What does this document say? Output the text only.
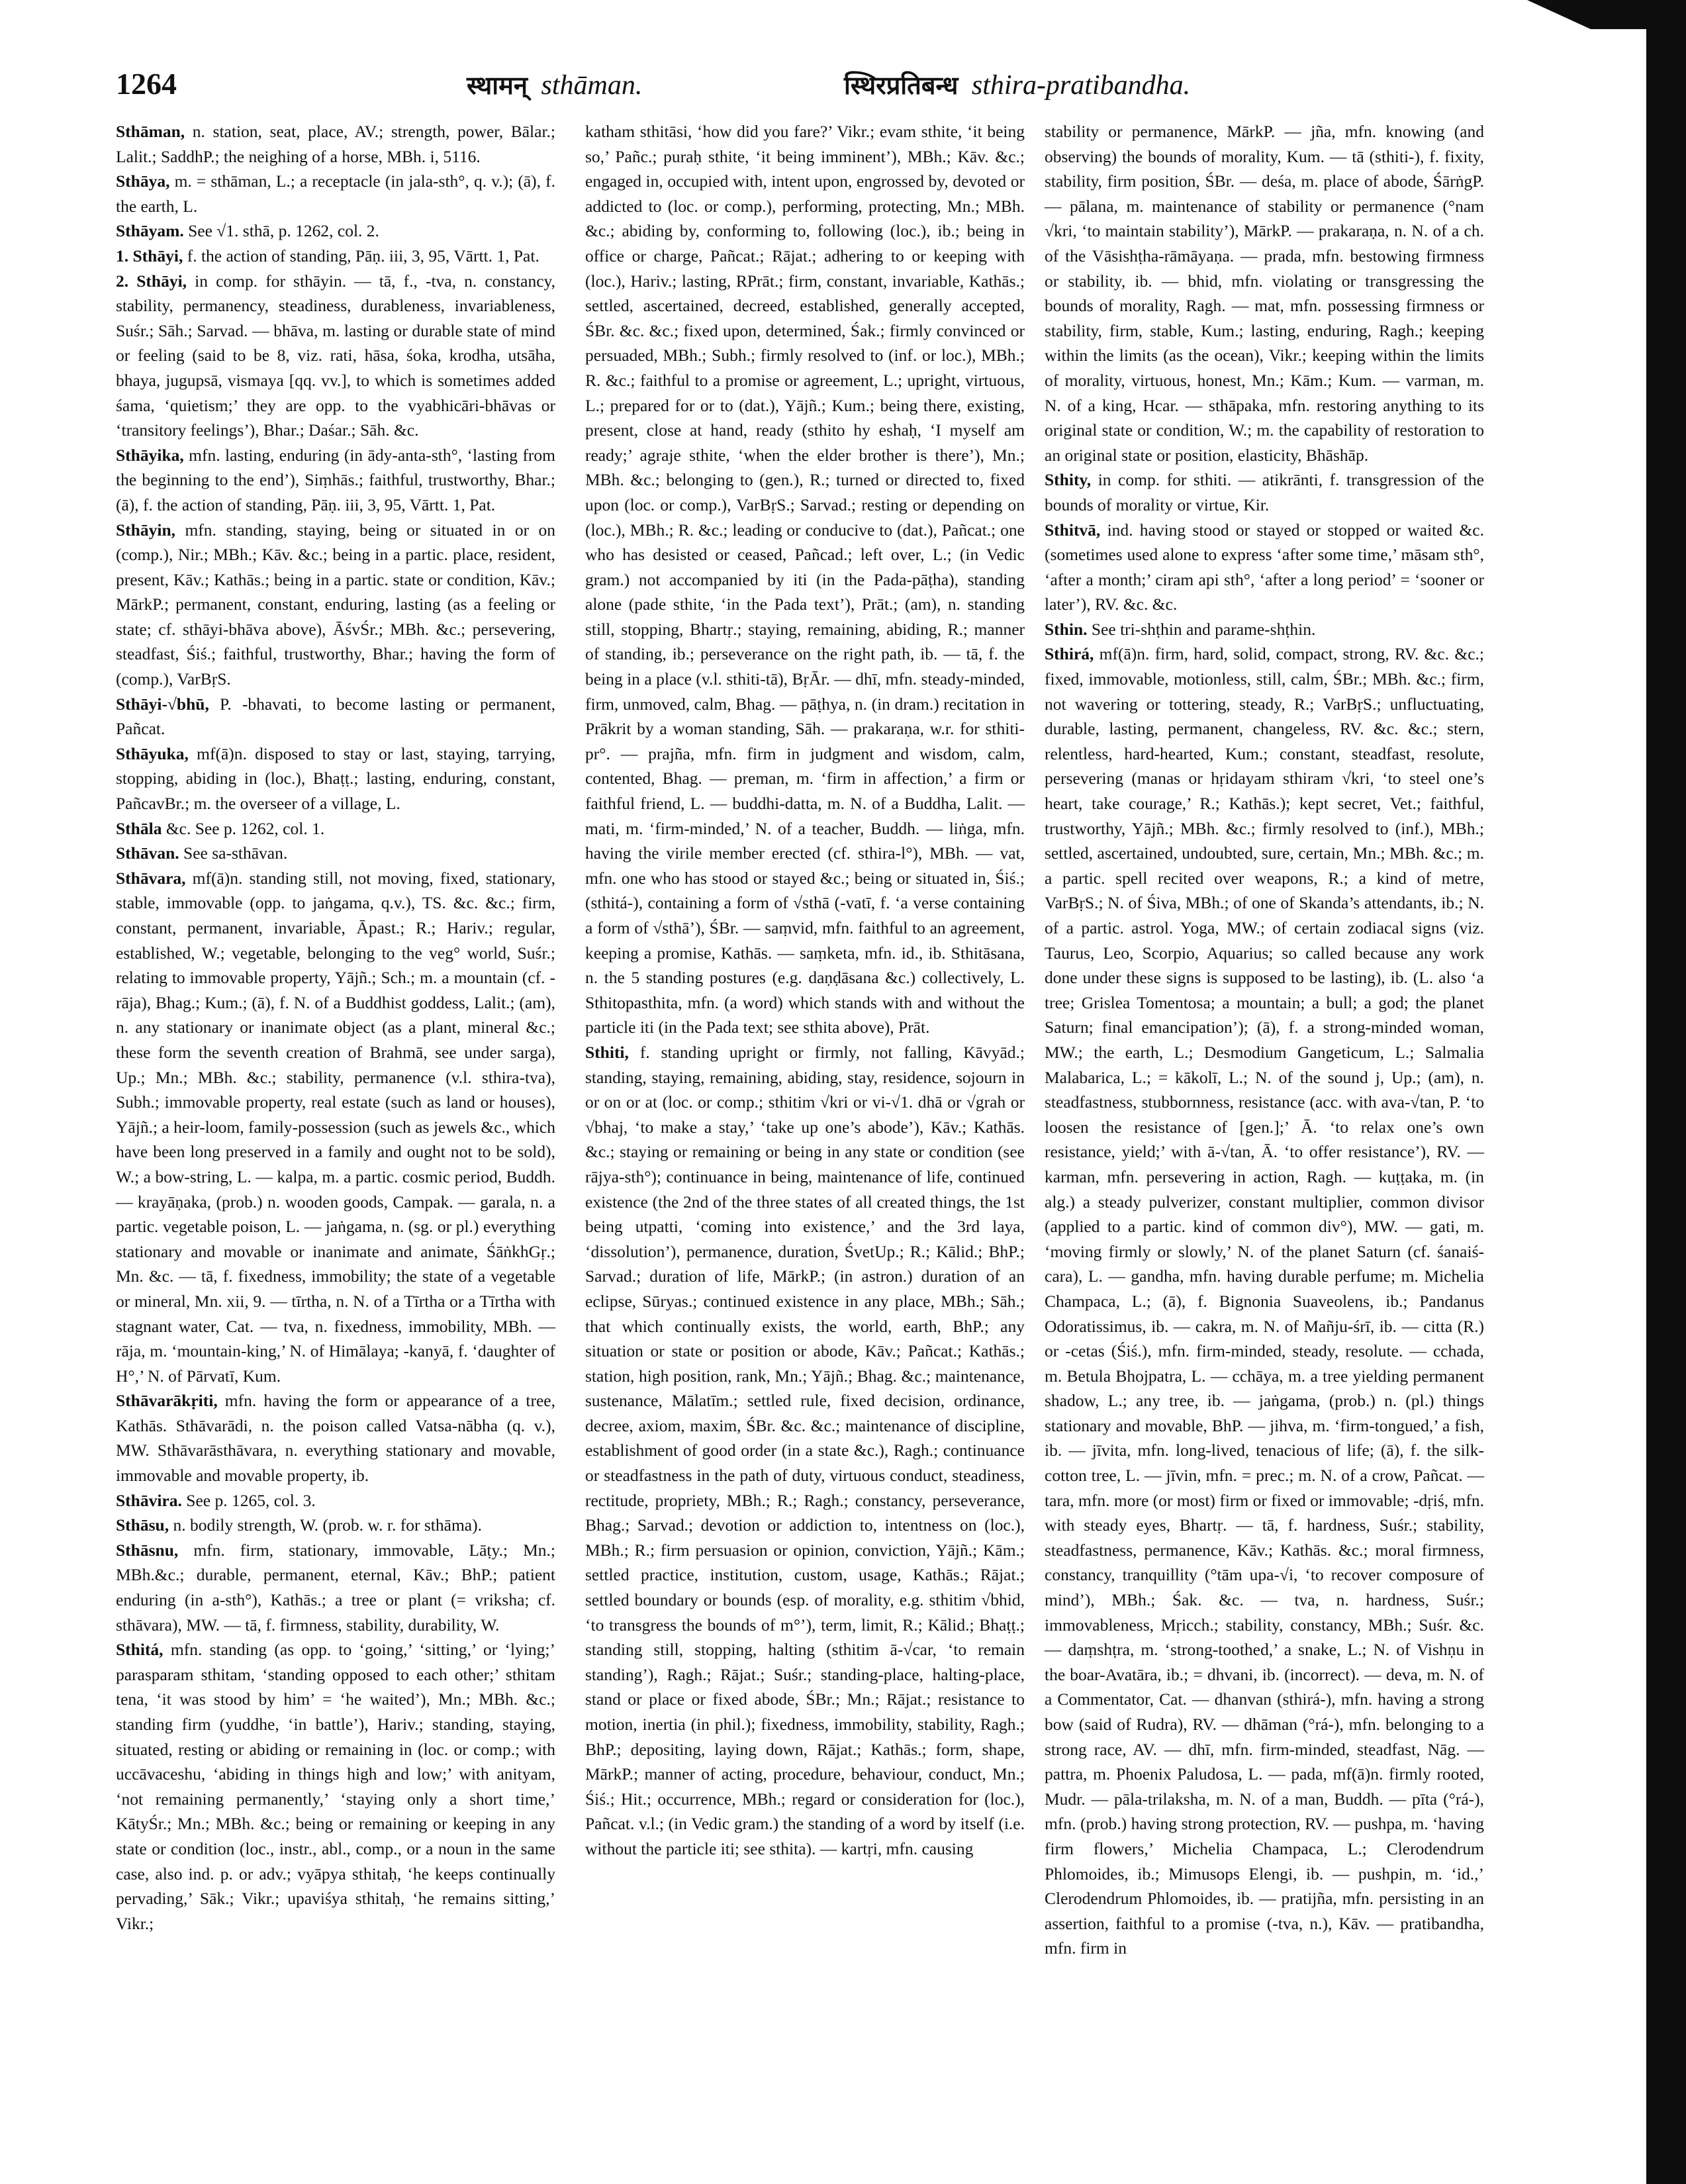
1264	स्थामन् sthāman.	स्थिरप्रतिबन्ध sthira-pratibandha.

Sthāman, n. station, seat, place, AV.; strength, power, Bālar.; Lalit.; SaddhP.; the neighing of a horse, MBh. i, 5116.

Sthāya, m. = sthāman, L.; a receptacle (in jala-sth°, q. v.); (ā), f. the earth, L.

Sthāyam. See √1. sthā, p. 1262, col. 2.

1. Sthāyi, f. the action of standing, Pāṇ. iii, 3, 95, Vārtt. 1, Pat.

2. Sthāyi, in comp. for sthāyin. — tā, f., -tva, n. constancy, stability, permanency, steadiness, durableness, invariableness, Suśr.; Sāh.; Sarvad. — bhāva, m. lasting or durable state of mind or feeling (said to be 8, viz. rati, hāsa, śoka, krodha, utsāha, bhaya, jugupsā, vismaya [qq. vv.], to which is sometimes added śama, ‘quietism;’ they are opp. to the vyabhicāri-bhāvas or ‘transitory feelings’), Bhar.; Daśar.; Sāh. &c.

Sthāyika, mfn. lasting, enduring (in ādy-anta-sth°, ‘lasting from the beginning to the end’), Siṃhās.; faithful, trustworthy, Bhar.; (ā), f. the action of standing, Pāṇ. iii, 3, 95, Vārtt. 1, Pat.

Sthāyin, mfn. standing, staying, being or situated in or on (comp.), Nir.; MBh.; Kāv. &c.; being in a partic. place, resident, present, Kāv.; Kathās.; being in a partic. state or condition, Kāv.; MārkP.; permanent, constant, enduring, lasting (as a feeling or state; cf. sthāyi-bhāva above), ĀśvŚr.; MBh. &c.; persevering, steadfast, Śiś.; faithful, trustworthy, Bhar.; having the form of (comp.), VarBṛS.

Sthāyi-√bhū, P. -bhavati, to become lasting or permanent, Pañcat.

Sthāyuka, mf(ā)n. disposed to stay or last, staying, tarrying, stopping, abiding in (loc.), Bhaṭṭ.; lasting, enduring, constant, PañcavBr.; m. the overseer of a village, L.

Sthāla &c. See p. 1262, col. 1.

Sthāvan. See sa-sthāvan.

Sthāvara, mf(ā)n. standing still, not moving, fixed, stationary, stable, immovable (opp. to jaṅgama, q.v.), TS. &c. &c.; firm, constant, permanent, invariable, Āpast.; R.; Hariv.; regular, established, W.; vegetable, belonging to the veg° world, Suśr.; relating to immovable property, Yājñ.; Sch.; m. a mountain (cf. -rāja), Bhag.; Kum.; (ā), f. N. of a Buddhist goddess, Lalit.; (am), n. any stationary or inanimate object (as a plant, mineral &c.; these form the seventh creation of Brahmā, see under sarga), Up.; Mn.; MBh. &c.; stability, permanence (v.l. sthira-tva), Subh.; immovable property, real estate (such as land or houses), Yājñ.; a heir-loom, family-possession (such as jewels &c., which have been long preserved in a family and ought not to be sold), W.; a bow-string, L. — kalpa, m. a partic. cosmic period, Buddh. — krayāṇaka, (prob.) n. wooden goods, Campak. — garala, n. a partic. vegetable poison, L. — jaṅgama, n. (sg. or pl.) everything stationary and movable or inanimate and animate, ŚāṅkhGṛ.; Mn. &c. — tā, f. fixedness, immobility; the state of a vegetable or mineral, Mn. xii, 9. — tīrtha, n. N. of a Tīrtha or a Tīrtha with stagnant water, Cat. — tva, n. fixedness, immobility, MBh. — rāja, m. ‘mountain-king,’ N. of Himālaya; -kanyā, f. ‘daughter of H°,’ N. of Pārvatī, Kum.

Sthāvarākṛiti, mfn. having the form or appearance of a tree, Kathās. Sthāvarādi, n. the poison called Vatsa-nābha (q. v.), MW. Sthāvarāsthāvara, n. everything stationary and movable, immovable and movable property, ib.

Sthāvira. See p. 1265, col. 3.

Sthāsu, n. bodily strength, W. (prob. w. r. for sthāma).

Sthāsnu, mfn. firm, stationary, immovable, Lāṭy.; Mn.; MBh.&c.; durable, permanent, eternal, Kāv.; BhP.; patient enduring (in a-sth°), Kathās.; a tree or plant (= vriksha; cf. sthāvara), MW. — tā, f. firmness, stability, durability, W.

Sthitá, mfn. standing (as opp. to ‘going,’ ‘sitting,’ or ‘lying;’ parasparam sthitam, ‘standing opposed to each other;’ sthitam tena, ‘it was stood by him’ = ‘he waited’), Mn.; MBh. &c.; standing firm (yuddhe, ‘in battle’), Hariv.; standing, staying, situated, resting or abiding or remaining in (loc. or comp.; with uccāvaceshu, ‘abiding in things high and low;’ with anityam, ‘not remaining permanently,’ ‘staying only a short time,’ KātyŚr.; Mn.; MBh. &c.; being or remaining or keeping in any state or condition (loc., instr., abl., comp., or a noun in the same case, also ind. p. or adv.; vyāpya sthitaḥ, ‘he keeps continually pervading,’ Sāk.; Vikr.; upaviśya sthitaḥ, ‘he remains sitting,’ Vikr.;

katham sthitāsi, ‘how did you fare?’ Vikr.; evam sthite, ‘it being so,’ Pañc.; puraḥ sthite, ‘it being imminent’), MBh.; Kāv. &c.; engaged in, occupied with, intent upon, engrossed by, devoted or addicted to (loc. or comp.), performing, protecting, Mn.; MBh. &c.; abiding by, conforming to, following (loc.), ib.; being in office or charge, Pañcat.; Rājat.; adhering to or keeping with (loc.), Hariv.; lasting, RPrāt.; firm, constant, invariable, Kathās.; settled, ascertained, decreed, established, generally accepted, ŚBr. &c. &c.; fixed upon, determined, Śak.; firmly convinced or persuaded, MBh.; Subh.; firmly resolved to (inf. or loc.), MBh.; R. &c.; faithful to a promise or agreement, L.; upright, virtuous, L.; prepared for or to (dat.), Yājñ.; Kum.; being there, existing, present, close at hand, ready (sthito hy eshaḥ, ‘I myself am ready;’ agraje sthite, ‘when the elder brother is there’), Mn.; MBh. &c.; belonging to (gen.), R.; turned or directed to, fixed upon (loc. or comp.), VarBṛS.; Sarvad.; resting or depending on (loc.), MBh.; R. &c.; leading or conducive to (dat.), Pañcat.; one who has desisted or ceased, Pañcad.; left over, L.; (in Vedic gram.) not accompanied by iti (in the Pada-pāṭha), standing alone (pade sthite, ‘in the Pada text’), Prāt.; (am), n. standing still, stopping, Bhartṛ.; staying, remaining, abiding, R.; manner of standing, ib.; perseverance on the right path, ib. — tā, f. the being in a place (v.l. sthiti-tā), BṛĀr. — dhī, mfn. steady-minded, firm, unmoved, calm, Bhag. — pāṭhya, n. (in dram.) recitation in Prākrit by a woman standing, Sāh. — prakaraṇa, w.r. for sthiti-pr°. — prajña, mfn. firm in judgment and wisdom, calm, contented, Bhag. — preman, m. ‘firm in affection,’ a firm or faithful friend, L. — buddhi-datta, m. N. of a Buddha, Lalit. — mati, m. ‘firm-minded,’ N. of a teacher, Buddh. — liṅga, mfn. having the virile member erected (cf. sthira-l°), MBh. — vat, mfn. one who has stood or stayed &c.; being or situated in, Śiś.; (sthitá-), containing a form of √sthā (-vatī, f. ‘a verse containing a form of √sthā’), ŚBr. — saṃvid, mfn. faithful to an agreement, keeping a promise, Kathās. — saṃketa, mfn. id., ib. Sthitāsana, n. the 5 standing postures (e.g. daṇḍāsana &c.) collectively, L. Sthitopasthita, mfn. (a word) which stands with and without the particle iti (in the Pada text; see sthita above), Prāt.

Sthiti, f. standing upright or firmly, not falling, Kāvyād.; standing, staying, remaining, abiding, stay, residence, sojourn in or on or at (loc. or comp.; sthitim √kri or vi-√1. dhā or √grah or √bhaj, ‘to make a stay,’ ‘take up one’s abode’), Kāv.; Kathās. &c.; staying or remaining or being in any state or condition (see rājya-sth°); continuance in being, maintenance of life, continued existence (the 2nd of the three states of all created things, the 1st being utpatti, ‘coming into existence,’ and the 3rd laya, ‘dissolution’), permanence, duration, ŚvetUp.; R.; Kālid.; BhP.; Sarvad.; duration of life, MārkP.; (in astron.) duration of an eclipse, Sūryas.; continued existence in any place, MBh.; Sāh.; that which continually exists, the world, earth, BhP.; any situation or state or position or abode, Kāv.; Pañcat.; Kathās.; station, high position, rank, Mn.; Yājñ.; Bhag. &c.; maintenance, sustenance, Mālatīm.; settled rule, fixed decision, ordinance, decree, axiom, maxim, ŚBr. &c. &c.; maintenance of discipline, establishment of good order (in a state &c.), Ragh.; continuance or steadfastness in the path of duty, virtuous conduct, steadiness, rectitude, propriety, MBh.; R.; Ragh.; constancy, perseverance, Bhag.; Sarvad.; devotion or addiction to, intentness on (loc.), MBh.; R.; firm persuasion or opinion, conviction, Yājñ.; Kām.; settled practice, institution, custom, usage, Kathās.; Rājat.; settled boundary or bounds (esp. of morality, e.g. sthitim √bhid, ‘to transgress the bounds of m°’), term, limit, R.; Kālid.; Bhaṭṭ.; standing still, stopping, halting (sthitim ā-√car, ‘to remain standing’), Ragh.; Rājat.; Suśr.; standing-place, halting-place, stand or place or fixed abode, ŚBr.; Mn.; Rājat.; resistance to motion, inertia (in phil.); fixedness, immobility, stability, Ragh.; BhP.; depositing, laying down, Rājat.; Kathās.; form, shape, MārkP.; manner of acting, procedure, behaviour, conduct, Mn.; Śiś.; Hit.; occurrence, MBh.; regard or consideration for (loc.), Pañcat. v.l.; (in Vedic gram.) the standing of a word by itself (i.e. without the particle iti; see sthita). — kartṛi, mfn. causing

stability or permanence, MārkP. — jña, mfn. knowing (and observing) the bounds of morality, Kum. — tā (sthiti-), f. fixity, stability, firm position, ŚBr. — deśa, m. place of abode, ŚārṅgP. — pālana, m. maintenance of stability or permanence (°nam √kri, ‘to maintain stability’), MārkP. — prakaraṇa, n. N. of a ch. of the Vāsishṭha-rāmāyaṇa. — prada, mfn. bestowing firmness or stability, ib. — bhid, mfn. violating or transgressing the bounds of morality, Ragh. — mat, mfn. possessing firmness or stability, firm, stable, Kum.; lasting, enduring, Ragh.; keeping within the limits (as the ocean), Vikr.; keeping within the limits of morality, virtuous, honest, Mn.; Kām.; Kum. — varman, m. N. of a king, Hcar. — sthāpaka, mfn. restoring anything to its original state or condition, W.; m. the capability of restoration to an original state or position, elasticity, Bhāshāp.

Sthity, in comp. for sthiti. — atikrānti, f. transgression of the bounds of morality or virtue, Kir.

Sthitvā, ind. having stood or stayed or stopped or waited &c. (sometimes used alone to express ‘after some time,’ māsam sth°, ‘after a month;’ ciram api sth°, ‘after a long period’ = ‘sooner or later’), RV. &c. &c.

Sthin. See tri-shṭhin and parame-shṭhin.

Sthirá, mf(ā)n. firm, hard, solid, compact, strong, RV. &c. &c.; fixed, immovable, motionless, still, calm, ŚBr.; MBh. &c.; firm, not wavering or tottering, steady, R.; VarBṛS.; unfluctuating, durable, lasting, permanent, changeless, RV. &c. &c.; stern, relentless, hard-hearted, Kum.; constant, steadfast, resolute, persevering (manas or hṛidayam sthiram √kri, ‘to steel one’s heart, take courage,’ R.; Kathās.); kept secret, Vet.; faithful, trustworthy, Yājñ.; MBh. &c.; firmly resolved to (inf.), MBh.; settled, ascertained, undoubted, sure, certain, Mn.; MBh. &c.; m. a partic. spell recited over weapons, R.; a kind of metre, VarBṛS.; N. of Śiva, MBh.; of one of Skanda’s attendants, ib.; N. of a partic. astrol. Yoga, MW.; of certain zodiacal signs (viz. Taurus, Leo, Scorpio, Aquarius; so called because any work done under these signs is supposed to be lasting), ib. (L. also ‘a tree; Grislea Tomentosa; a mountain; a bull; a god; the planet Saturn; final emancipation’); (ā), f. a strong-minded woman, MW.; the earth, L.; Desmodium Gangeticum, L.; Salmalia Malabarica, L.; = kākolī, L.; N. of the sound j, Up.; (am), n. steadfastness, stubbornness, resistance (acc. with ava-√tan, P. ‘to loosen the resistance of [gen.];’ Ā. ‘to relax one’s own resistance, yield;’ with ā-√tan, Ā. ‘to offer resistance’), RV. — karman, mfn. persevering in action, Ragh. — kuṭṭaka, m. (in alg.) a steady pulverizer, constant multiplier, common divisor (applied to a partic. kind of common div°), MW. — gati, m. ‘moving firmly or slowly,’ N. of the planet Saturn (cf. śanaiś-cara), L. — gandha, mfn. having durable perfume; m. Michelia Champaca, L.; (ā), f. Bignonia Suaveolens, ib.; Pandanus Odoratissimus, ib. — cakra, m. N. of Mañju-śrī, ib. — citta (R.) or -cetas (Śiś.), mfn. firm-minded, steady, resolute. — cchada, m. Betula Bhojpatra, L. — cchāya, m. a tree yielding permanent shadow, L.; any tree, ib. — jaṅgama, (prob.) n. (pl.) things stationary and movable, BhP. — jihva, m. ‘firm-tongued,’ a fish, ib. — jīvita, mfn. long-lived, tenacious of life; (ā), f. the silk-cotton tree, L. — jīvin, mfn. = prec.; m. N. of a crow, Pañcat. — tara, mfn. more (or most) firm or fixed or immovable; -dṛiś, mfn. with steady eyes, Bhartṛ. — tā, f. hardness, Suśr.; stability, steadfastness, permanence, Kāv.; Kathās. &c.; moral firmness, constancy, tranquillity (°tām upa-√i, ‘to recover composure of mind’), MBh.; Śak. &c. — tva, n. hardness, Suśr.; immovableness, Mṛicch.; stability, constancy, MBh.; Suśr. &c. — daṃshṭra, m. ‘strong-toothed,’ a snake, L.; N. of Vishṇu in the boar-Avatāra, ib.; = dhvani, ib. (incorrect). — deva, m. N. of a Commentator, Cat. — dhanvan (sthirá-), mfn. having a strong bow (said of Rudra), RV. — dhāman (°rá-), mfn. belonging to a strong race, AV. — dhī, mfn. firm-minded, steadfast, Nāg. — pattra, m. Phoenix Paludosa, L. — pada, mf(ā)n. firmly rooted, Mudr. — pāla-trilaksha, m. N. of a man, Buddh. — pīta (°rá-), mfn. (prob.) having strong protection, RV. — pushpa, m. ‘having firm flowers,’ Michelia Champaca, L.; Clerodendrum Phlomoides, ib.; Mimusops Elengi, ib. — pushpin, m. ‘id.,’ Clerodendrum Phlomoides, ib. — pratijña, mfn. persisting in an assertion, faithful to a promise (-tva, n.), Kāv. — pratibandha, mfn. firm in
